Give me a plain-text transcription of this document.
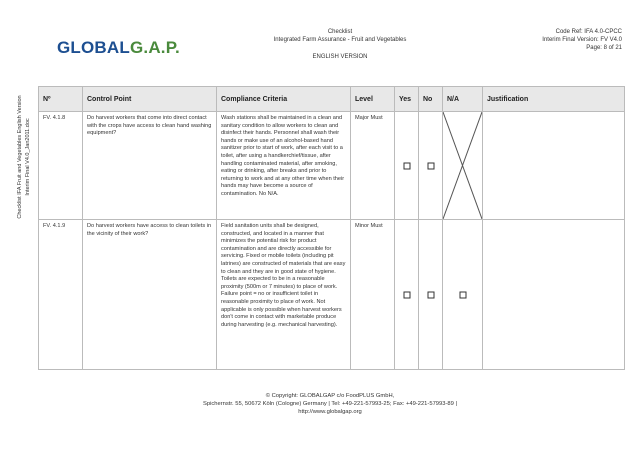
GLOBAL G.A.P.
Checklist
Integrated Farm Assurance - Fruit and Vegetables
ENGLISH VERSION
Code Ref: IFA 4.0-CPCC
Interim Final Version: FV V4.0
Page: 8 of 21
Checklist IFA Fruit and Vegetables English Version Interim Final V4.0_Jan2011.doc
Nº	Control Point	Compliance Criteria	Level	Yes	No	N/A	Justification
FV. 4.1.8	Do harvest workers that come into direct contact with the crops have access to clean hand washing equipment?	Wash stations shall be maintained in a clean and sanitary condition to allow workers to clean and disinfect their hands. Personnel shall wash their hands or make use of an alcohol-based hand sanitizer prior to start of work, after each visit to a toilet, after using a handkerchief/tissue, after handling contaminated material, after smoking, eating or drinking, after breaks and prior to returning to work and at any other time when their hands may have become a source of contamination. No N/A.	Major Must	

FV. 4.1.9	Do harvest workers have access to clean toilets in the vicinity of their work?	Field sanitation units shall be designed, constructed, and located in a manner that minimizes the potential risk for product contamination and are directly accessible for servicing. Fixed or mobile toilets (including pit latrines) are constructed of materials that are easy to clean and they are in good state of hygiene. Toilets are expected to be in a reasonable proximity (500m or 7 minutes) to place of work. Failure point = no or insufficient toilet in reasonable proximity to place of work. Not applicable is only possible when harvest workers don't come in contact with marketable produce during harvesting (e.g. mechanical harvesting).	Minor Must	

© Copyright: GLOBALGAP c/o FoodPLUS GmbH,
Spichernstr. 55, 50672 Köln (Cologne) Germany | Tel: +49-221-57993-25; Fax: +49-221-57993-89 |
http://www.globalgap.org
